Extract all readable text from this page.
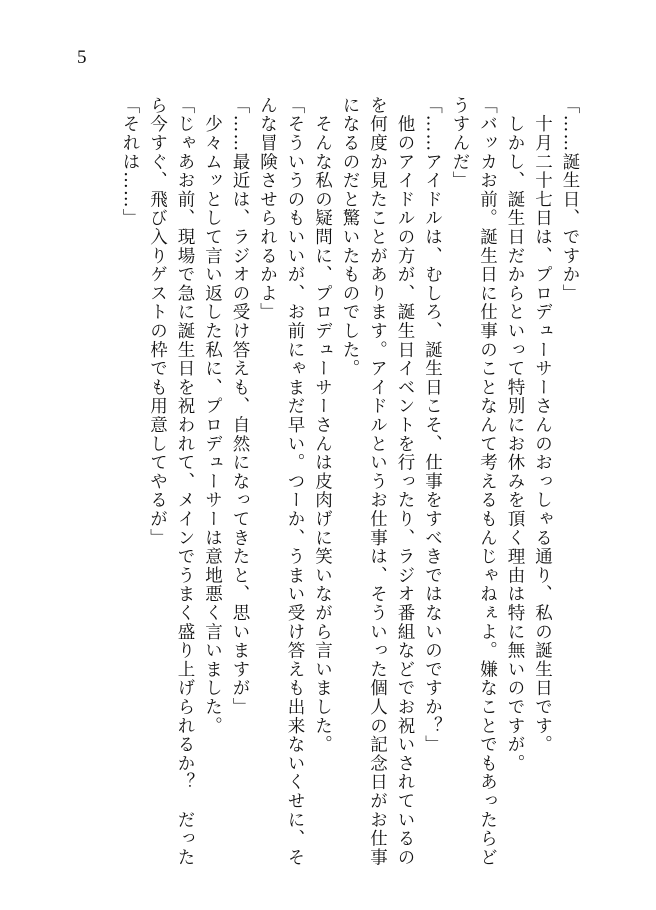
5
「……誕生日、ですか」
　十月二十七日は、プロデューサーさんのおっしゃる通り、私の誕生日です。
　しかし、誕生日だからといって特別にお休みを頂く理由は特に無いのですが。
「バッカお前。誕生日に仕事のことなんて考えるもんじゃねぇよ。嫌なことでもあったらど
うすんだ」
「……アイドルは、むしろ、誕生日こそ、仕事をすべきではないのですか？」
　他のアイドルの方が、誕生日イベントを行ったり、ラジオ番組などでお祝いされているの
を何度か見たことがあります。アイドルというお仕事は、そういった個人の記念日がお仕事
になるのだと驚いたものでした。
　そんな私の疑問に、プロデューサーさんは皮肉げに笑いながら言いました。
「そういうのもいいが、お前にゃまだ早い。つーか、うまい受け答えも出来ないくせに、そ
んな冒険させられるかよ」
「……最近は、ラジオの受け答えも、自然になってきたと、思いますが」
　少々ムッとして言い返した私に、プロデューサーは意地悪く言いました。
「じゃあお前、現場で急に誕生日を祝われて、メインでうまく盛り上げられるか？　だった
ら今すぐ、飛び入りゲストの枠でも用意してやるが」
「それは……」
